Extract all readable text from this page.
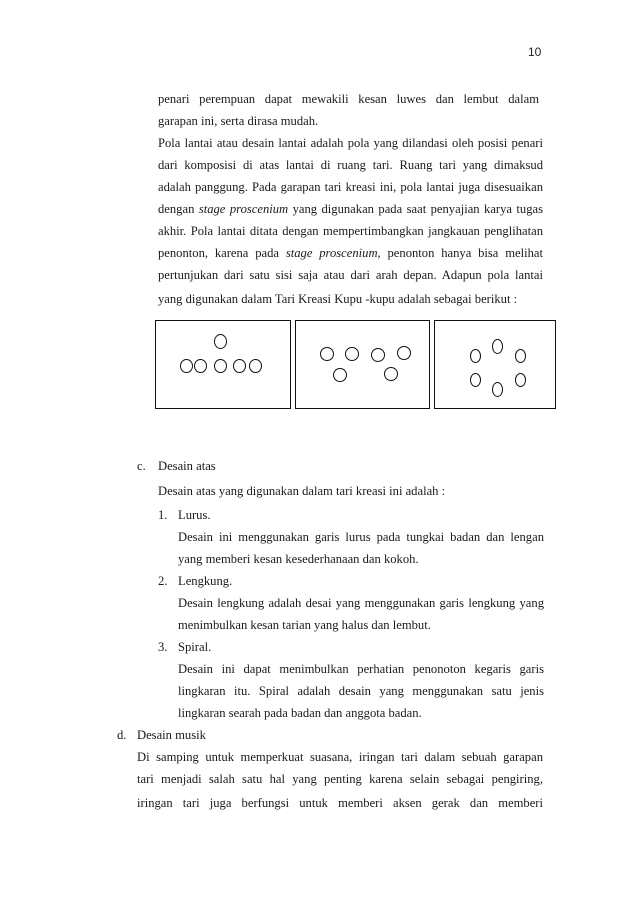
10
penari perempuan dapat mewakili kesan luwes dan lembut dalam
garapan ini, serta dirasa mudah.
Pola lantai atau desain lantai adalah pola yang dilandasi oleh posisi penari
dari komposisi di atas lantai di ruang tari. Ruang tari yang dimaksud
adalah panggung. Pada garapan tari kreasi ini, pola lantai juga disesuaikan
dengan stage proscenium yang digunakan pada saat penyajian karya tugas
akhir. Pola lantai ditata dengan mempertimbangkan jangkauan penglihatan
penonton, karena pada stage proscenium, penonton hanya bisa melihat
pertunjukan dari satu sisi saja atau dari arah depan. Adapun pola lantai
yang digunakan dalam Tari Kreasi Kupu -kupu adalah sebagai berikut :
c. Desain atas
Desain atas yang digunakan dalam tari kreasi ini adalah :
1. Lurus.
Desain ini menggunakan garis lurus pada tungkai badan dan lengan
yang memberi kesan kesederhanaan dan kokoh.
2. Lengkung.
Desain lengkung adalah desai yang menggunakan garis lengkung yang
menimbulkan kesan tarian yang halus dan lembut.
3. Spiral.
Desain ini dapat menimbulkan perhatian penonoton kegaris garis
lingkaran itu. Spiral adalah desain yang menggunakan satu jenis
lingkaran searah pada badan dan anggota badan.
d. Desain musik
Di samping untuk memperkuat suasana, iringan tari dalam sebuah garapan
tari menjadi salah satu hal yang penting karena selain sebagai pengiring,
iringan tari juga berfungsi untuk memberi aksen gerak dan memberi
